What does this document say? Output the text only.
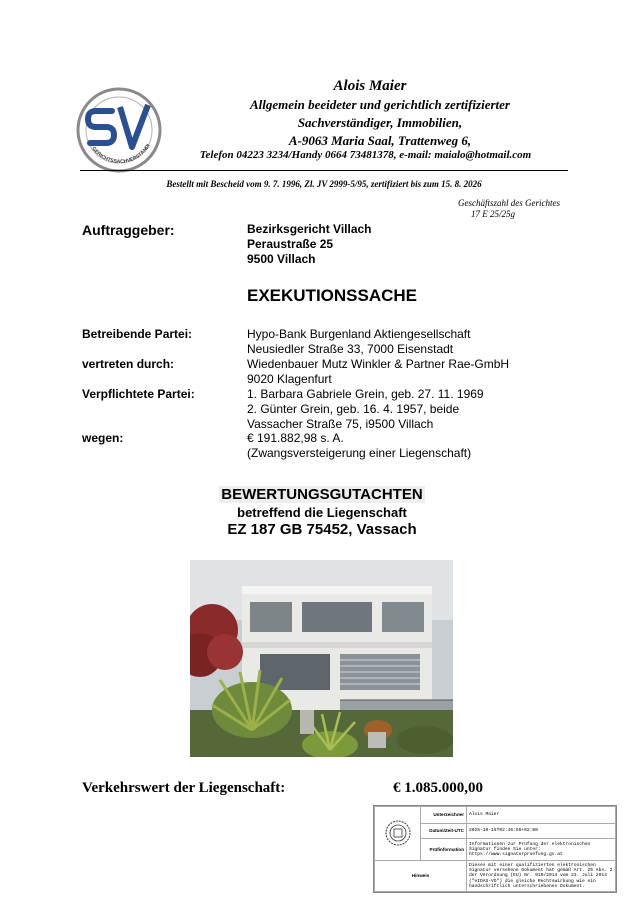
GERICHTSSACHVERSTÄNDI
Alois Maier
Allgemein beeideter und gerichtlich zertifizierter
Sachverständiger, Immobilien,
A-9063 Maria Saal, Trattenweg 6,
Telefon 04223 3234/Handy 0664 73481378, e-mail: maialo@hotmail.com
Bestellt mit Bescheid vom 9. 7. 1996, Zl. JV 2999-5/95, zertifiziert bis zum 15. 8. 2026
Geschäftszahl des Gerichtes
17 E 25/25g
Auftraggeber:	Bezirksgericht Villach
Peraustraße 25
9500 Villach
EXEKUTIONSSACHE
Betreibende Partei:	Hypo-Bank Burgenland Aktiengesellschaft
Neusiedler Straße 33, 7000 Eisenstadt
vertreten durch:	Wiedenbauer Mutz Winkler & Partner Rae-GmbH
9020 Klagenfurt
Verpflichtete Partei:	1. Barbara Gabriele Grein, geb. 27. 11. 1969
2. Günter Grein, geb. 16. 4. 1957, beide
Vassacher Straße 75, i9500 Villach
wegen:	€ 191.882,98 s. A.
(Zwangsversteigerung einer Liegenschaft)
BEWERTUNGSGUTACHTEN
betreffend die Liegenschaft
EZ 187 GB 75452, Vassach
Verkehrswert der Liegenschaft:	€ 1.085.000,00
	Unterzeichner	Alois Maier
	Datum/Zeit-UTC	2025-10-15T02:46:55+02:00
	Prüfinformation	Informationen zur Prüfung der elektronischen Signatur finden Sie unter: https://www.signaturpruefung.gv.at
Hinweis		Dieses mit einer qualifizierten elektronischen Signatur versehene Dokument hat gemäß Art. 25 Abs. 2 der Verordnung (EU) Nr. 910/2014 vom 23. Juli 2014 ("eIDAS-VO") die gleiche Rechtswirkung wie ein handschriftlich unterschriebenes Dokument.
